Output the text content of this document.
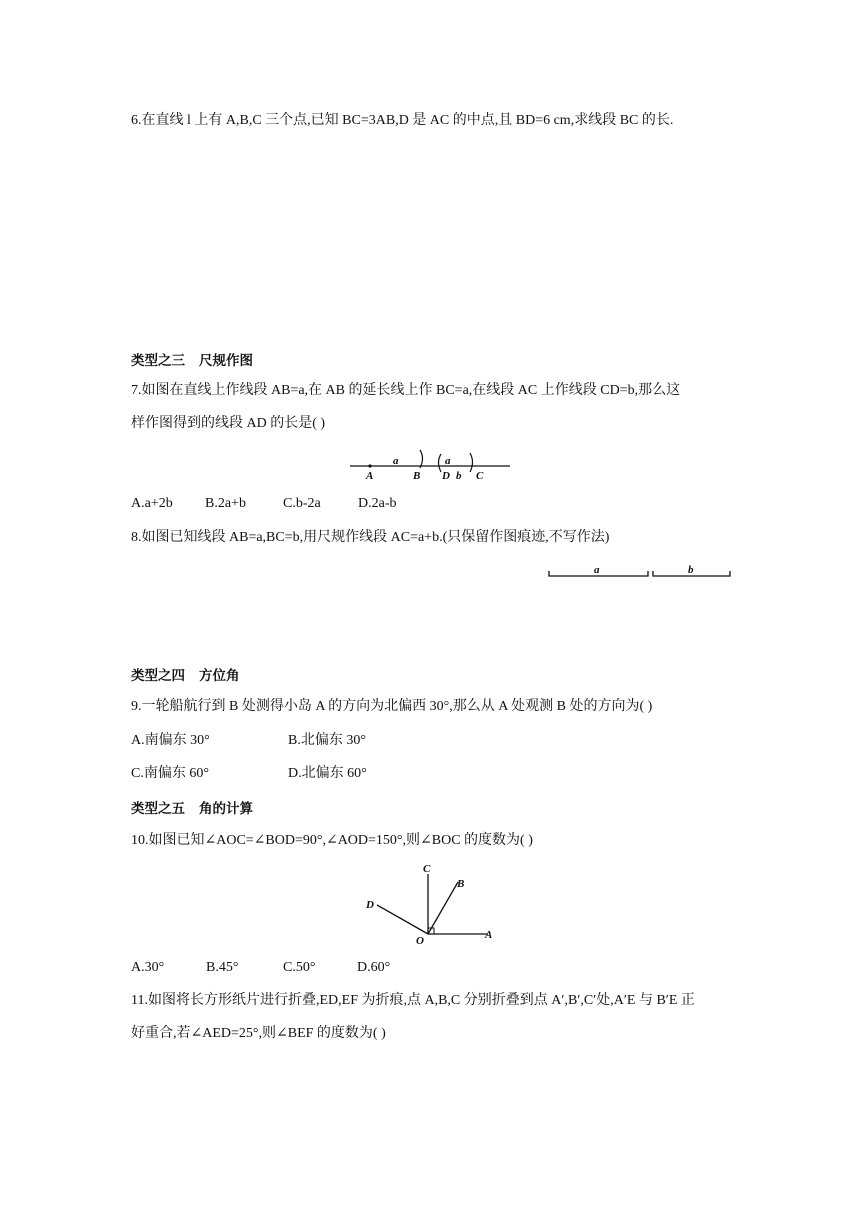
6.在直线 l 上有 A,B,C 三个点,已知 BC=3AB,D 是 AC 的中点,且 BD=6 cm,求线段 BC 的长.
类型之三 尺规作图
7.如图在直线上作线段 AB=a,在 AB 的延长线上作 BC=a,在线段 AC 上作线段 CD=b,那么这
样作图得到的线段 AD 的长是( )
a	a
A	B D b C
A.a+2b B.2a+b	C.b-2a	D.2a-b
8.如图已知线段 AB=a,BC=b,用尺规作线段 AC=a+b.(只保留作图痕迹,不写作法)
a	b
类型之四 方位角
9.一轮船航行到 B 处测得小岛 A 的方向为北偏西 30°,那么从 A 处观测 B 处的方向为( )
A.南偏东 30°	B.北偏东 30°
C.南偏东 60°	D.北偏东 60°
类型之五 角的计算
10.如图已知∠AOC=∠BOD=90°,∠AOD=150°,则∠BOC 的度数为( )
C
B
D
O	A
A.30°	B.45°	C.50°	D.60°
11.如图将长方形纸片进行折叠,ED,EF 为折痕,点 A,B,C 分别折叠到点 A′,B′,C′处,A′E 与 B′E 正
好重合,若∠AED=25°,则∠BEF 的度数为( )
